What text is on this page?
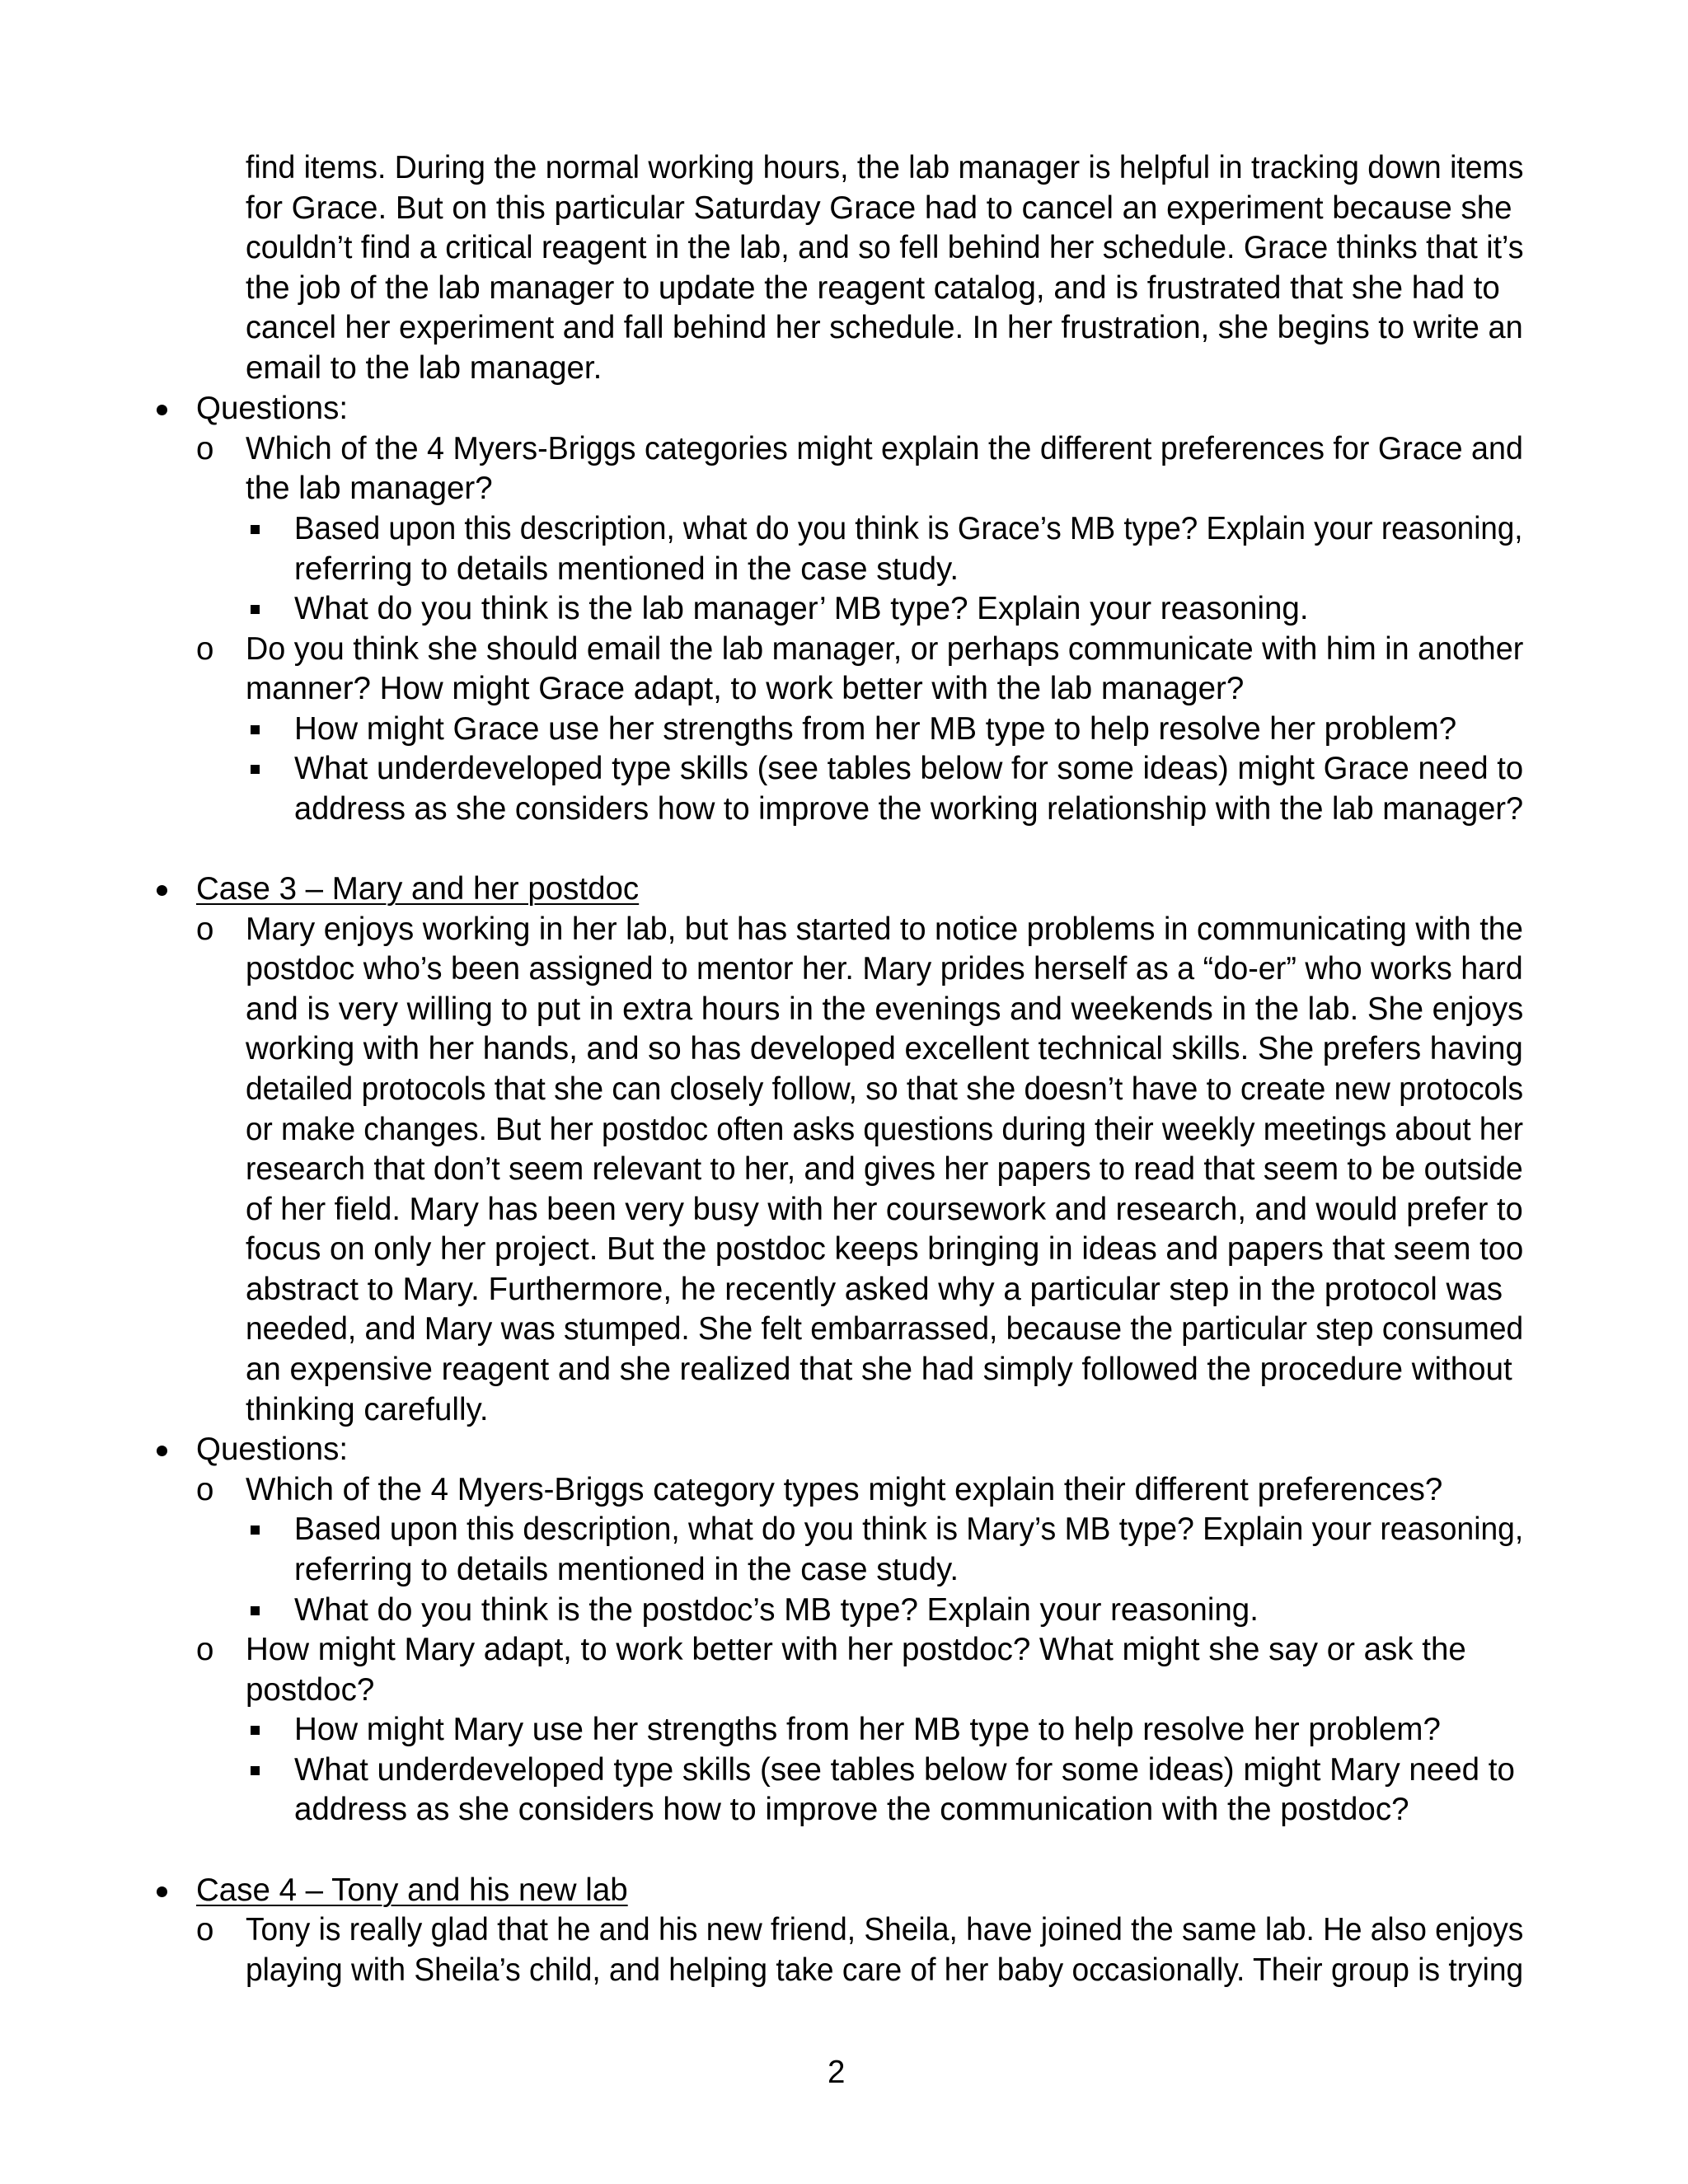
find items. During the normal working hours, the lab manager is helpful in tracking down items
for Grace. But on this particular Saturday Grace had to cancel an experiment because she
couldn’t find a critical reagent in the lab, and so fell behind her schedule. Grace thinks that it’s
the job of the lab manager to update the reagent catalog, and is frustrated that she had to
cancel her experiment and fall behind her schedule. In her frustration, she begins to write an
email to the lab manager.
Questions:
o Which of the 4 Myers-Briggs categories might explain the different preferences for Grace and
the lab manager?
Based upon this description, what do you think is Grace’s MB type? Explain your reasoning,
referring to details mentioned in the case study.
What do you think is the lab manager’ MB type? Explain your reasoning.
o Do you think she should email the lab manager, or perhaps communicate with him in another
manner? How might Grace adapt, to work better with the lab manager?
How might Grace use her strengths from her MB type to help resolve her problem?
What underdeveloped type skills (see tables below for some ideas) might Grace need to
address as she considers how to improve the working relationship with the lab manager?
Case 3 – Mary and her postdoc
o Mary enjoys working in her lab, but has started to notice problems in communicating with the
postdoc who’s been assigned to mentor her. Mary prides herself as a “do-er” who works hard
and is very willing to put in extra hours in the evenings and weekends in the lab. She enjoys
working with her hands, and so has developed excellent technical skills. She prefers having
detailed protocols that she can closely follow, so that she doesn’t have to create new protocols
or make changes. But her postdoc often asks questions during their weekly meetings about her
research that don’t seem relevant to her, and gives her papers to read that seem to be outside
of her field. Mary has been very busy with her coursework and research, and would prefer to
focus on only her project. But the postdoc keeps bringing in ideas and papers that seem too
abstract to Mary. Furthermore, he recently asked why a particular step in the protocol was
needed, and Mary was stumped. She felt embarrassed, because the particular step consumed
an expensive reagent and she realized that she had simply followed the procedure without
thinking carefully.
Questions:
o Which of the 4 Myers-Briggs category types might explain their different preferences?
Based upon this description, what do you think is Mary’s MB type? Explain your reasoning,
referring to details mentioned in the case study.
What do you think is the postdoc’s MB type? Explain your reasoning.
o How might Mary adapt, to work better with her postdoc? What might she say or ask the
postdoc?
How might Mary use her strengths from her MB type to help resolve her problem?
What underdeveloped type skills (see tables below for some ideas) might Mary need to
address as she considers how to improve the communication with the postdoc?
Case 4 – Tony and his new lab
o Tony is really glad that he and his new friend, Sheila, have joined the same lab. He also enjoys
playing with Sheila’s child, and helping take care of her baby occasionally. Their group is trying
2
